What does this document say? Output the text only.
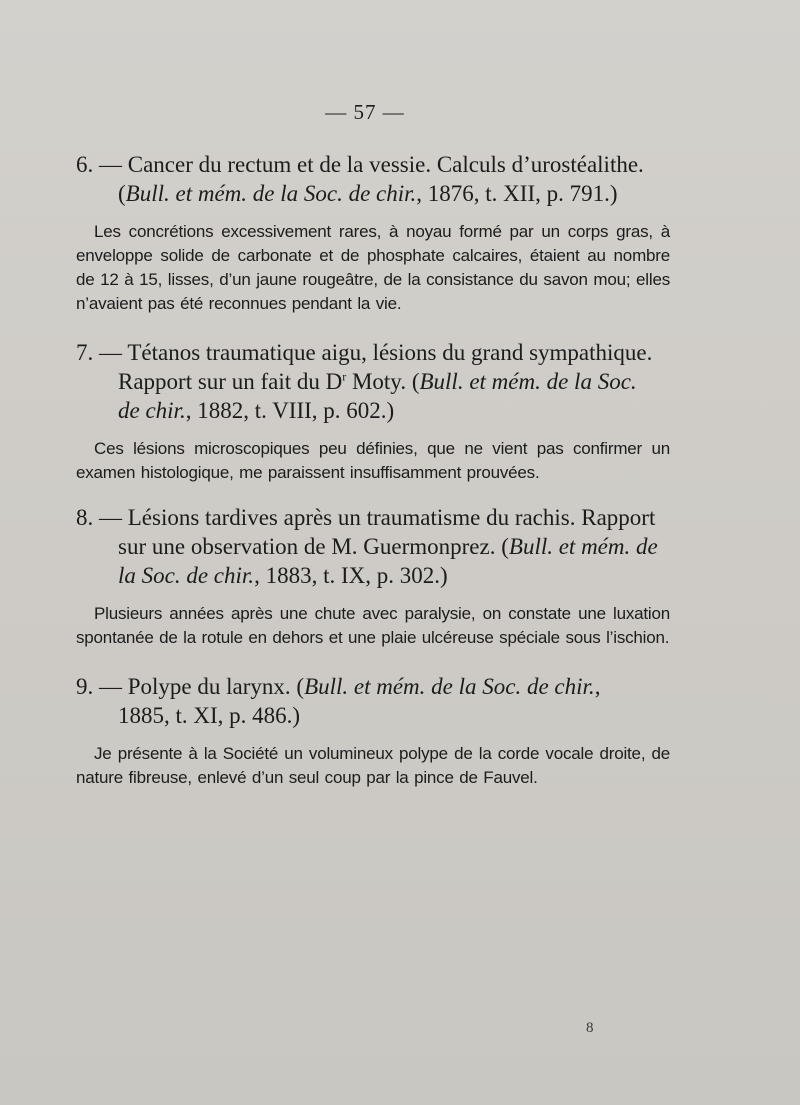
— 57 —

6. — Cancer du rectum et de la vessie. Calculs d’urostéalithe.
(Bull. et mém. de la Soc. de chir., 1876, t. XII, p. 791.)

Les concrétions excessivement rares, à noyau formé par un corps gras, à enveloppe solide de carbonate et de phosphate calcaires, étaient au nombre de 12 à 15, lisses, d’un jaune rougeâtre, de la consistance du savon mou; elles n’avaient pas été reconnues pendant la vie.

7. — Tétanos traumatique aigu, lésions du grand sympathique.
Rapport sur un fait du $D^r$ Moty. (Bull. et mém. de la Soc.
de chir., 1882, t. VIII, p. 602.)

Ces lésions microscopiques peu définies, que ne vient pas confirmer un examen histologique, me paraissent insuffisamment prouvées.

8. — Lésions tardives après un traumatisme du rachis. Rapport
sur une observation de M. Guermonprez. (Bull. et mém. de
la Soc. de chir., 1883, t. IX, p. 302.)

Plusieurs années après une chute avec paralysie, on constate une luxation spontanée de la rotule en dehors et une plaie ulcéreuse spéciale sous l’ischion.

9. — Polype du larynx. (Bull. et mém. de la Soc. de chir.,
1885, t. XI, p. 486.)

Je présente à la Société un volumineux polype de la corde vocale droite, de nature fibreuse, enlevé d’un seul coup par la pince de Fauvel.

8
